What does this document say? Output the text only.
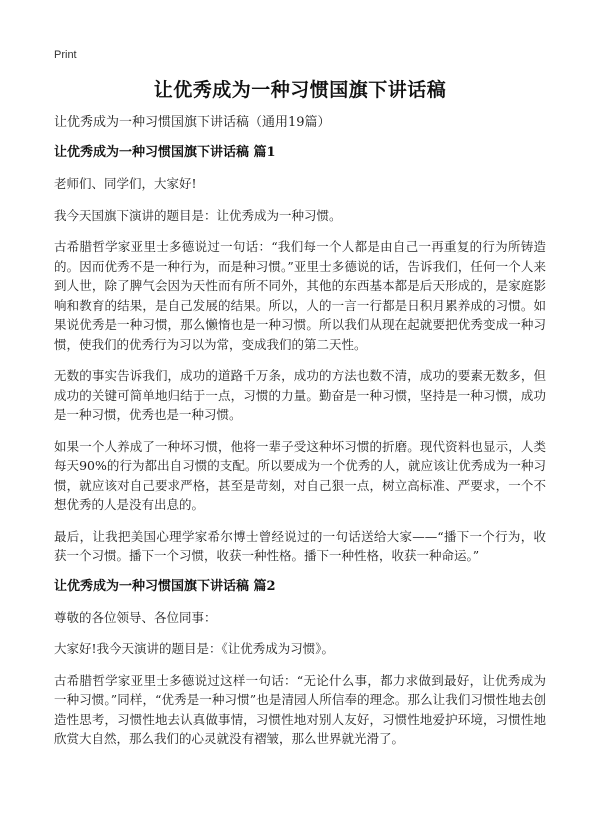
Print
让优秀成为一种习惯国旗下讲话稿
让优秀成为一种习惯国旗下讲话稿（通用19篇）
让优秀成为一种习惯国旗下讲话稿 篇1

老师们、同学们，大家好!

我今天国旗下演讲的题目是：让优秀成为一种习惯。

古希腊哲学家亚里士多德说过一句话：“我们每一个人都是由自己一再重复的行为所铸造的。因而优秀不是一种行为，而是种习惯。”亚里士多德说的话，告诉我们，任何一个人来到人世，除了脾气会因为天性而有所不同外，其他的东西基本都是后天形成的，是家庭影响和教育的结果，是自己发展的结果。所以，人的一言一行都是日积月累养成的习惯。如果说优秀是一种习惯，那么懒惰也是一种习惯。所以我们从现在起就要把优秀变成一种习惯，使我们的优秀行为习以为常，变成我们的第二天性。

无数的事实告诉我们，成功的道路千万条，成功的方法也数不清，成功的要素无数多，但成功的关键可简单地归结于一点，习惯的力量。勤奋是一种习惯，坚持是一种习惯，成功是一种习惯，优秀也是一种习惯。

如果一个人养成了一种坏习惯，他将一辈子受这种坏习惯的折磨。现代资料也显示，人类每天90%的行为都出自习惯的支配。所以要成为一个优秀的人，就应该让优秀成为一种习惯，就应该对自己要求严格，甚至是苛刻，对自己狠一点，树立高标准、严要求，一个不想优秀的人是没有出息的。

最后，让我把美国心理学家希尔博士曾经说过的一句话送给大家——“播下一个行为，收获一个习惯。播下一个习惯，收获一种性格。播下一种性格，收获一种命运。”

让优秀成为一种习惯国旗下讲话稿 篇2

尊敬的各位领导、各位同事：

大家好!我今天演讲的题目是：《让优秀成为习惯》。

古希腊哲学家亚里士多德说过这样一句话：“无论什么事，都力求做到最好，让优秀成为一种习惯。”同样，“优秀是一种习惯”也是清园人所信奉的理念。那么让我们习惯性地去创造性思考，习惯性地去认真做事情，习惯性地对别人友好，习惯性地爱护环境，习惯性地欣赏大自然，那么我们的心灵就没有褶皱，那么世界就光滑了。
